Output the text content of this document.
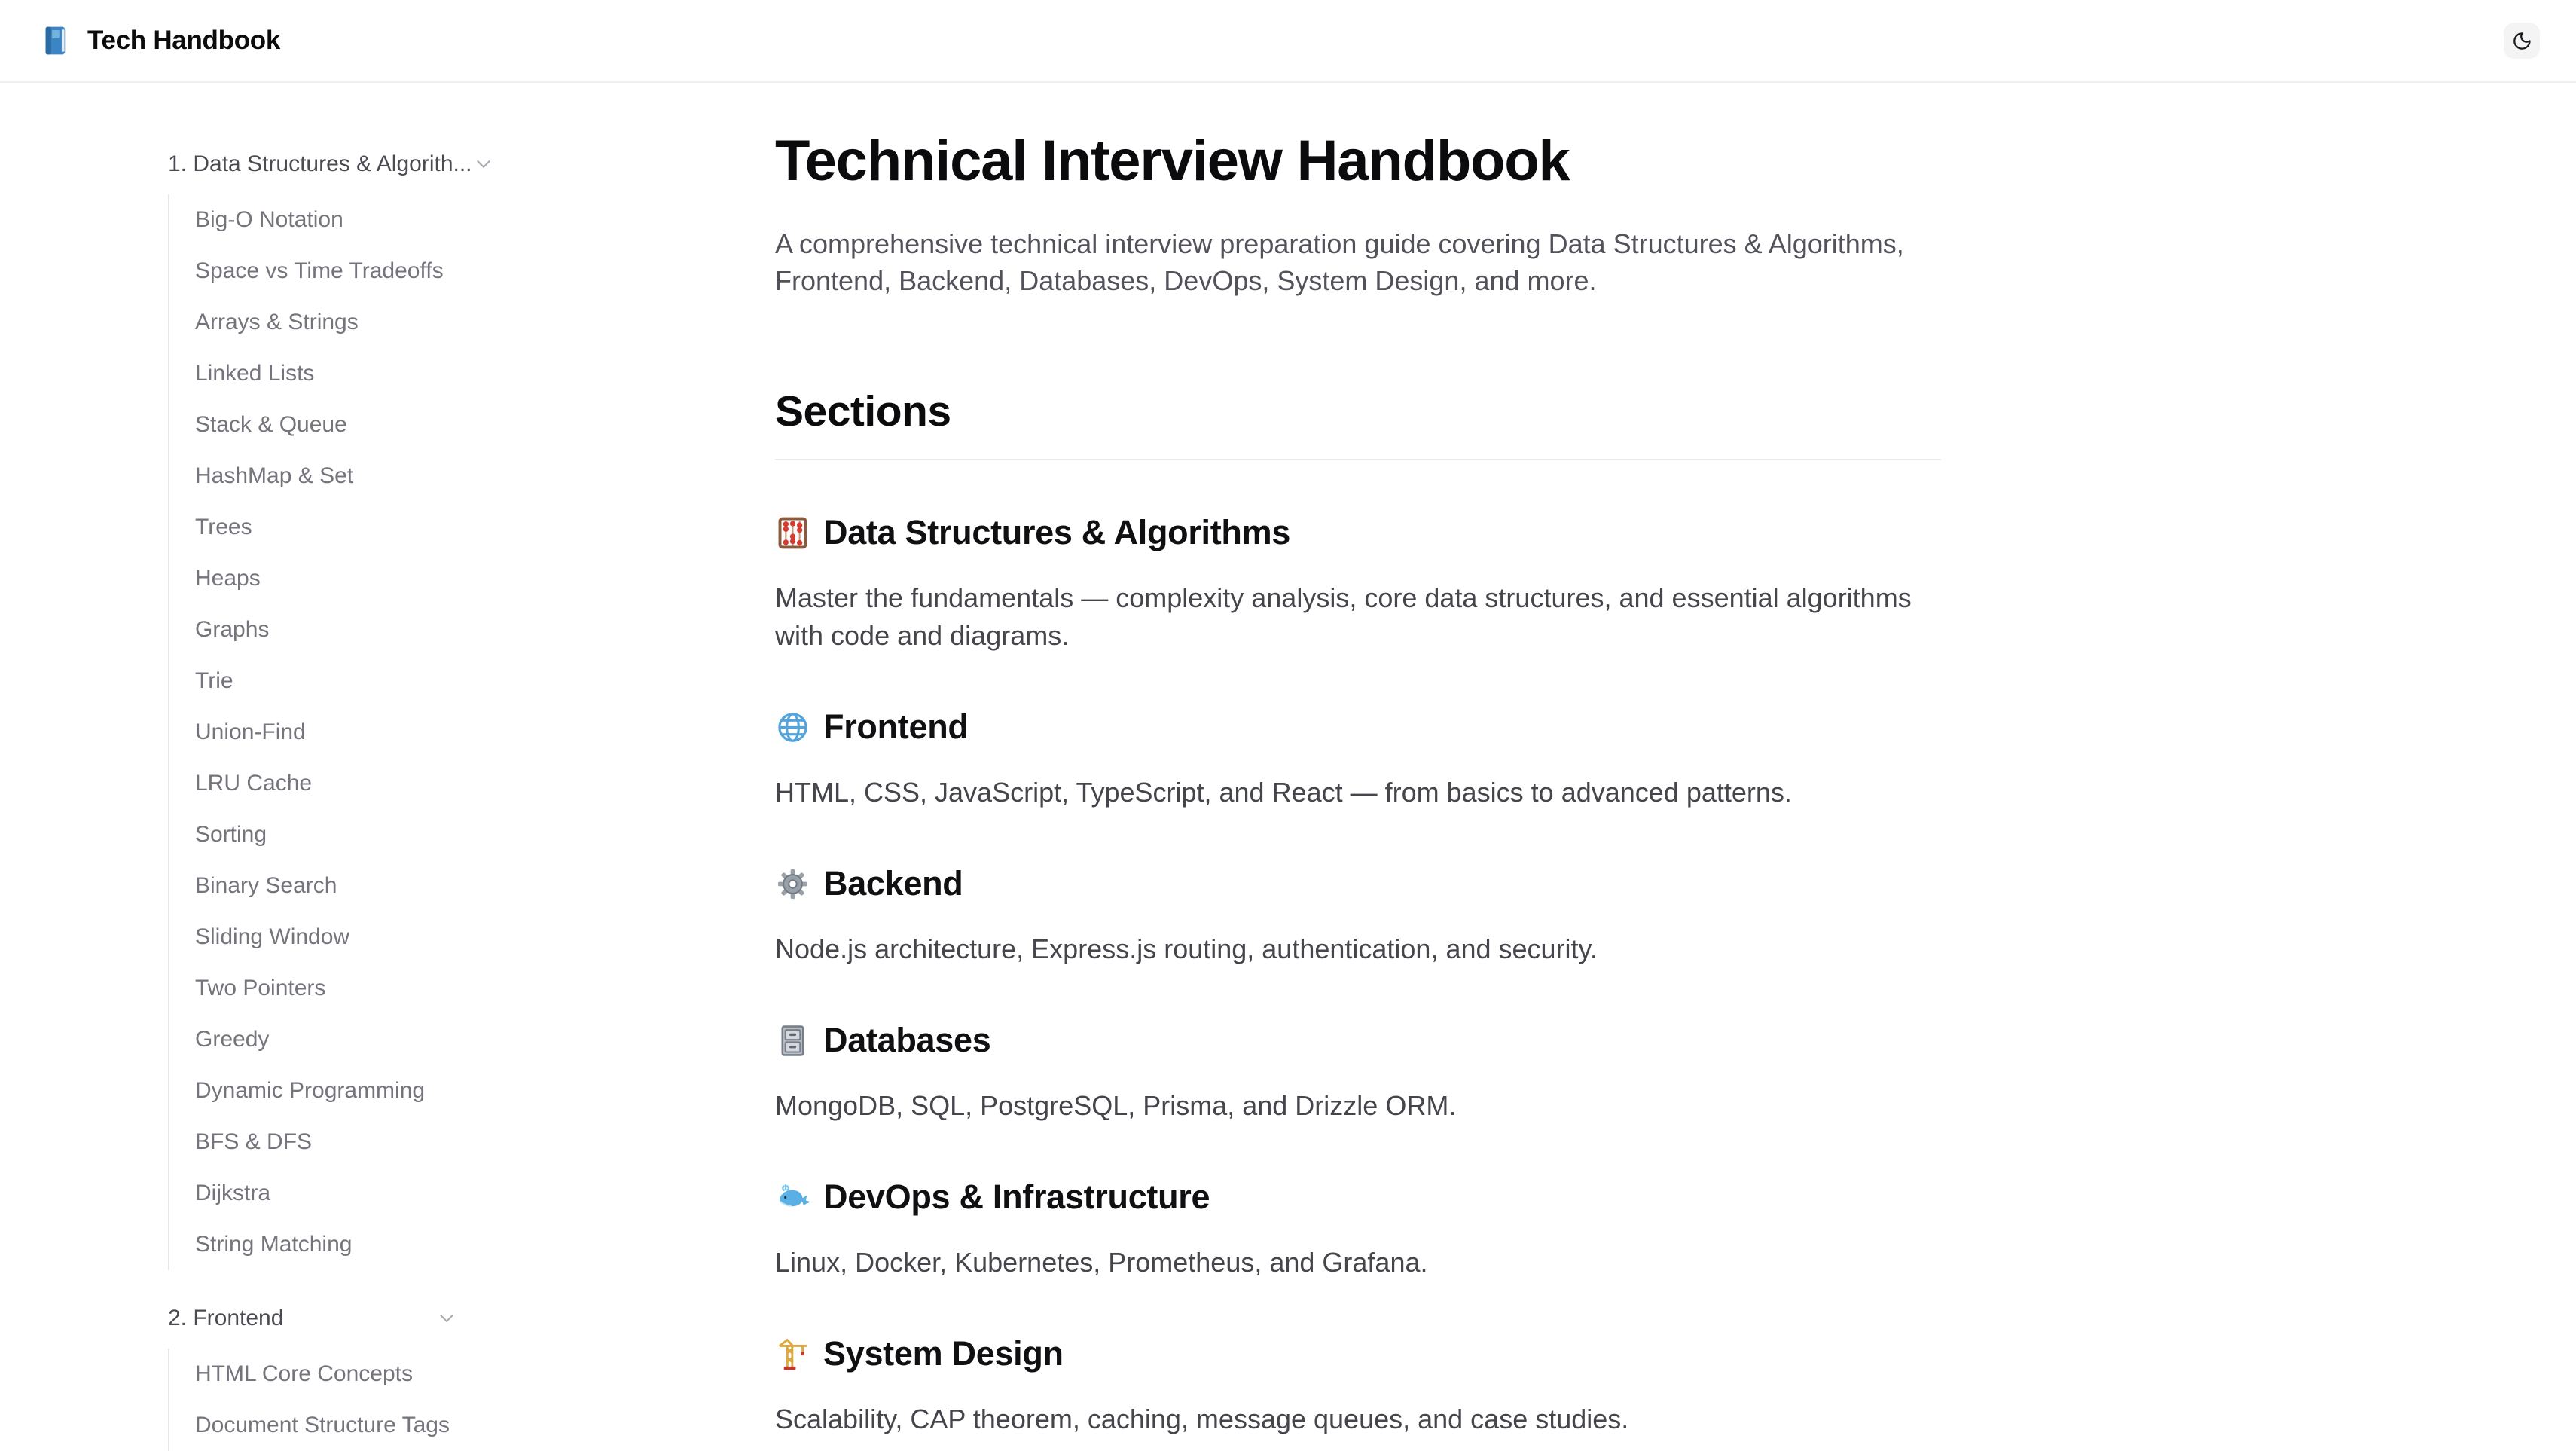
Tech Handbook
1. Data Structures & Algorith...
Big-O Notation
Space vs Time Tradeoffs
Arrays & Strings
Linked Lists
Stack & Queue
HashMap & Set
Trees
Heaps
Graphs
Trie
Union-Find
LRU Cache
Sorting
Binary Search
Sliding Window
Two Pointers
Greedy
Dynamic Programming
BFS & DFS
Dijkstra
String Matching
2. Frontend
HTML Core Concepts
Document Structure Tags
Technical Interview Handbook

A comprehensive technical interview preparation guide covering Data Structures & Algorithms, Frontend, Backend, Databases, DevOps, System Design, and more.

Sections
Data Structures & Algorithms

Master the fundamentals — complexity analysis, core data structures, and essential algorithms with code and diagrams.

Frontend

HTML, CSS, JavaScript, TypeScript, and React — from basics to advanced patterns.

Backend

Node.js architecture, Express.js routing, authentication, and security.

Databases

MongoDB, SQL, PostgreSQL, Prisma, and Drizzle ORM.

DevOps & Infrastructure

Linux, Docker, Kubernetes, Prometheus, and Grafana.

System Design

Scalability, CAP theorem, caching, message queues, and case studies.
